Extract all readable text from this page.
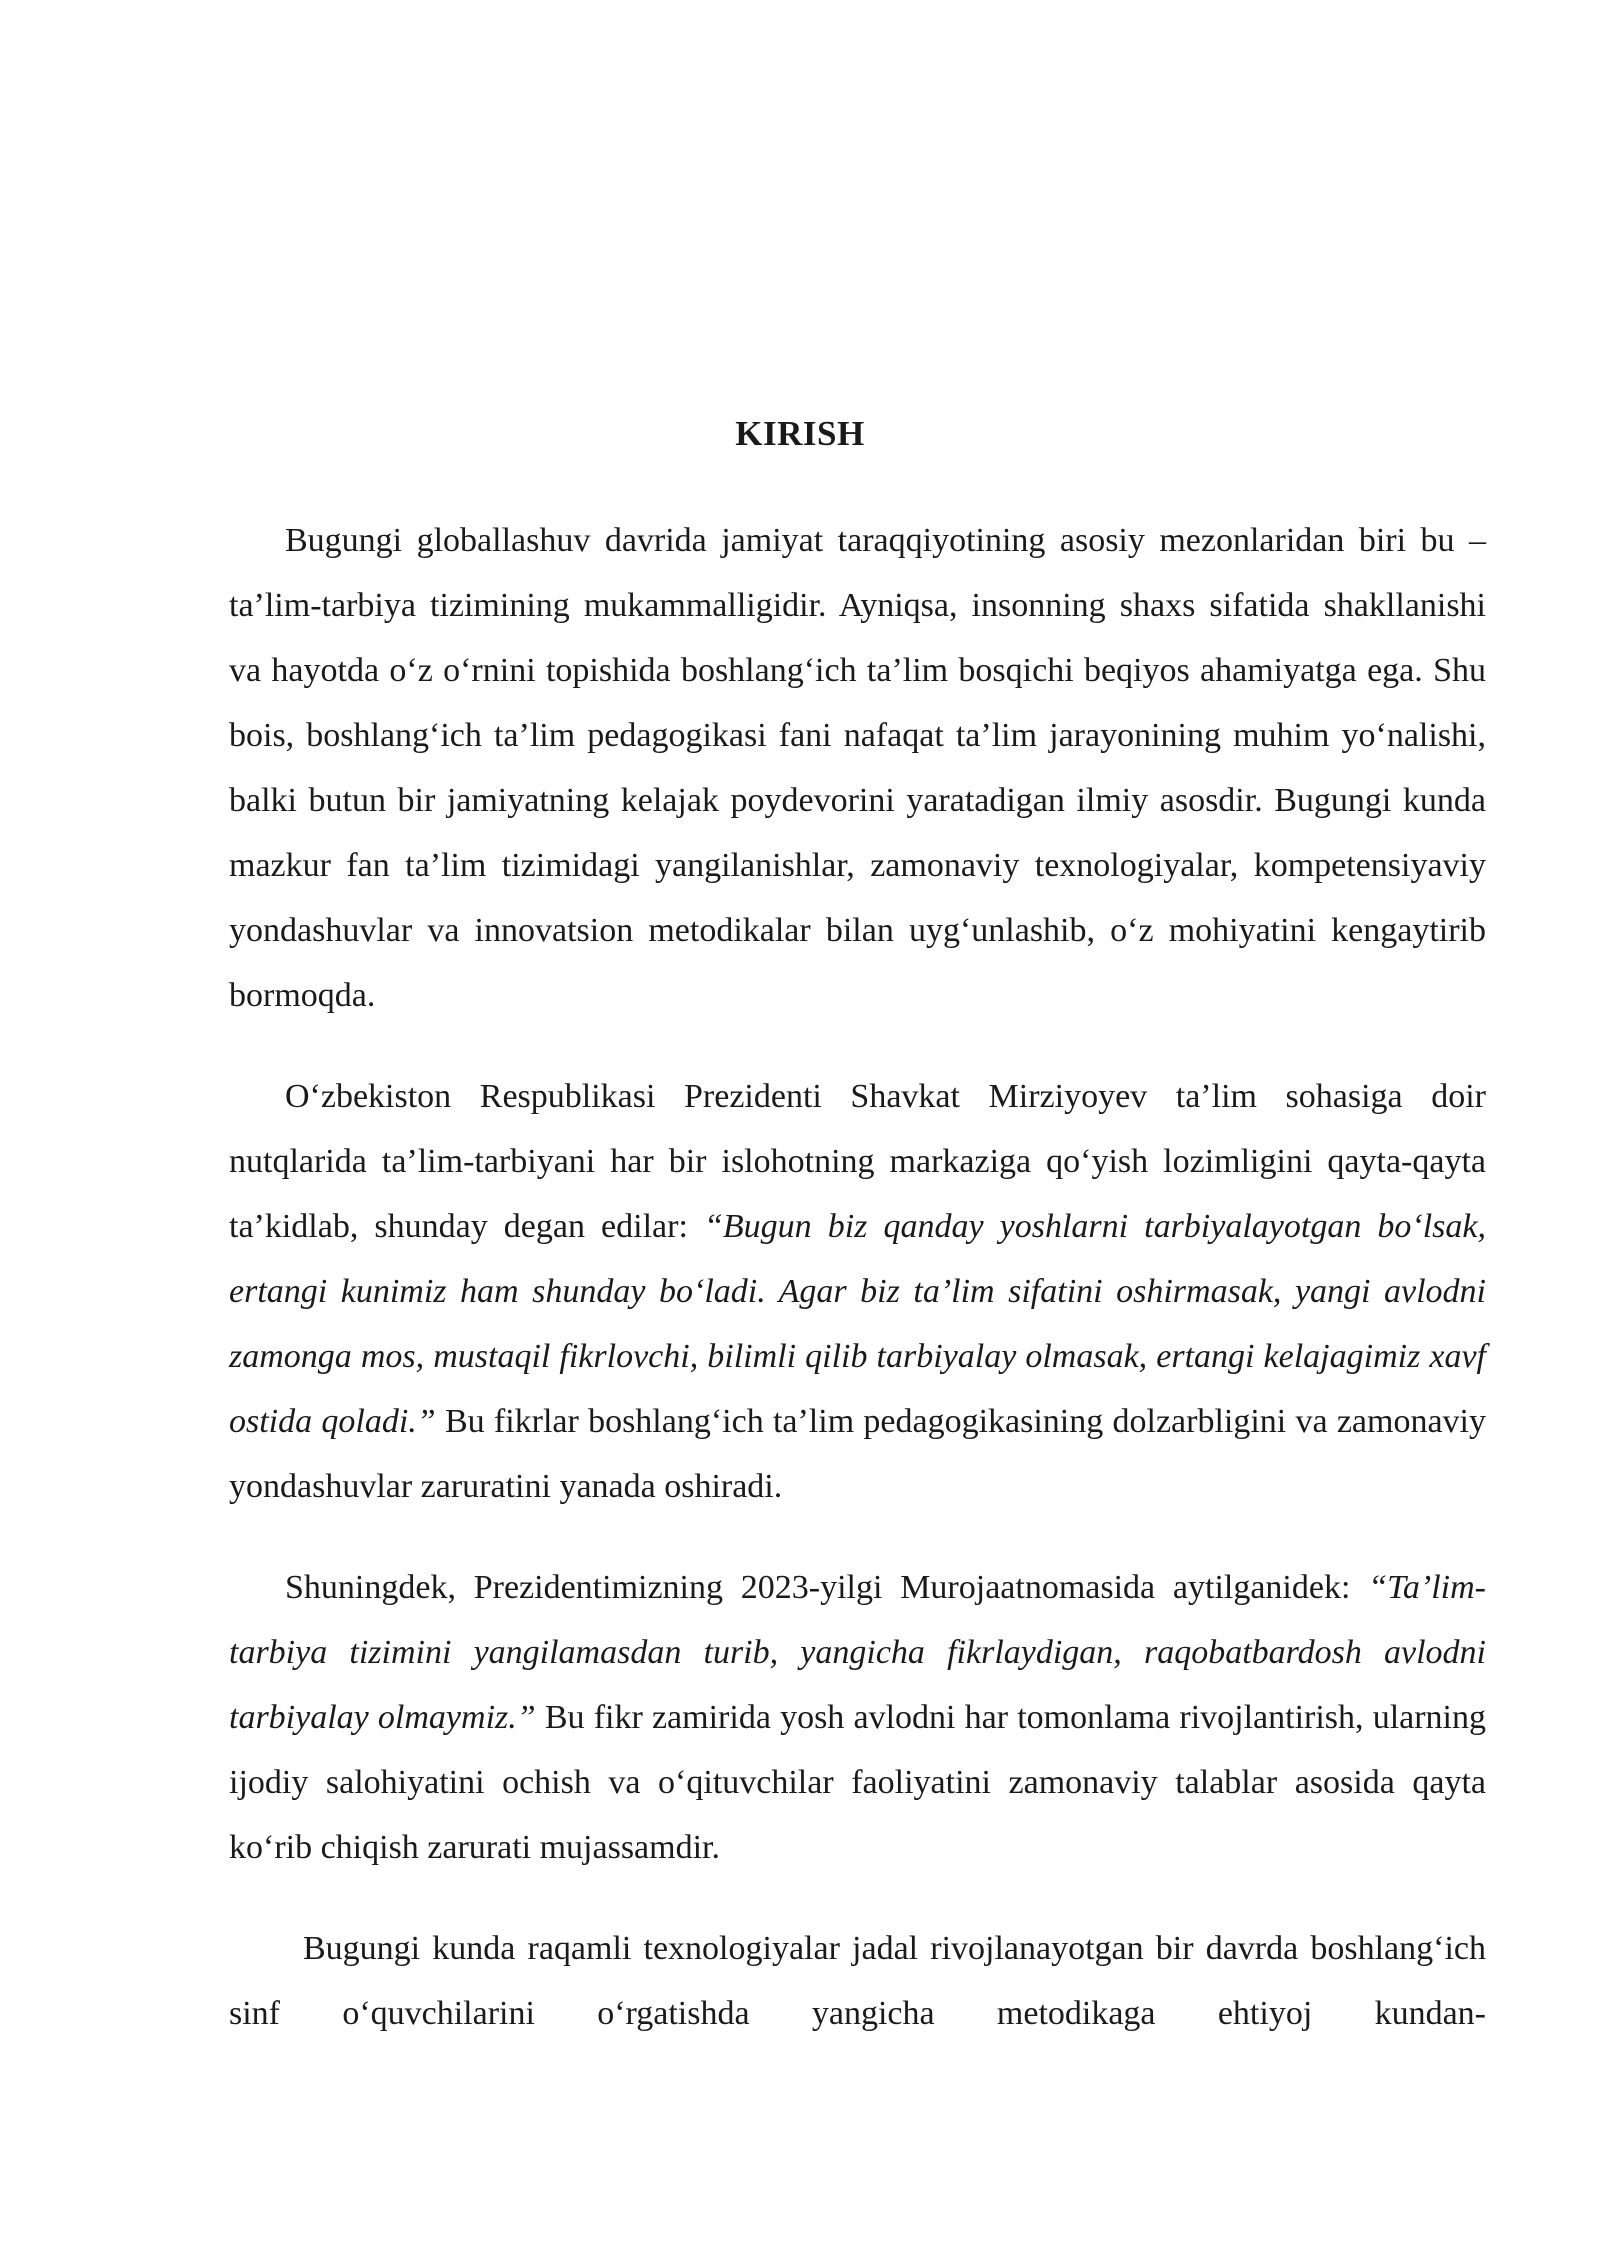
KIRISH

Bugungi globallashuv davrida jamiyat taraqqiyotining asosiy mezonlaridan biri bu – ta’lim-tarbiya tizimining mukammalligidir. Ayniqsa, insonning shaxs sifatida shakllanishi va hayotda o‘z o‘rnini topishida boshlang‘ich ta’lim bosqichi beqiyos ahamiyatga ega. Shu bois, boshlang‘ich ta’lim pedagogikasi fani nafaqat ta’lim jarayonining muhim yo‘nalishi, balki butun bir jamiyatning kelajak poydevorini yaratadigan ilmiy asosdir. Bugungi kunda mazkur fan ta’lim tizimidagi yangilanishlar, zamonaviy texnologiyalar, kompetensiyaviy yondashuvlar va innovatsion metodikalar bilan uyg‘unlashib, o‘z mohiyatini kengaytirib bormoqda.

O‘zbekiston Respublikasi Prezidenti Shavkat Mirziyoyev ta’lim sohasiga doir nutqlarida ta’lim-tarbiyani har bir islohotning markaziga qo‘yish lozimligini qayta-qayta ta’kidlab, shunday degan edilar: “Bugun biz qanday yoshlarni tarbiyalayotgan bo‘lsak, ertangi kunimiz ham shunday bo‘ladi. Agar biz ta’lim sifatini oshirmasak, yangi avlodni zamonga mos, mustaqil fikrlovchi, bilimli qilib tarbiyalay olmasak, ertangi kelajagimiz xavf ostida qoladi.” Bu fikrlar boshlang‘ich ta’lim pedagogikasining dolzarbligini va zamonaviy yondashuvlar zaruratini yanada oshiradi.

Shuningdek, Prezidentimizning 2023-yilgi Murojaatnomasida aytilganidek: “Ta’lim-tarbiya tizimini yangilamasdan turib, yangicha fikrlaydigan, raqobatbardosh avlodni tarbiyalay olmaymiz.” Bu fikr zamirida yosh avlodni har tomonlama rivojlantirish, ularning ijodiy salohiyatini ochish va o‘qituvchilar faoliyatini zamonaviy talablar asosida qayta ko‘rib chiqish zarurati mujassamdir.

Bugungi kunda raqamli texnologiyalar jadal rivojlanayotgan bir davrda boshlang‘ich sinf o‘quvchilarini o‘rgatishda yangicha metodikaga ehtiyoj kundan-
